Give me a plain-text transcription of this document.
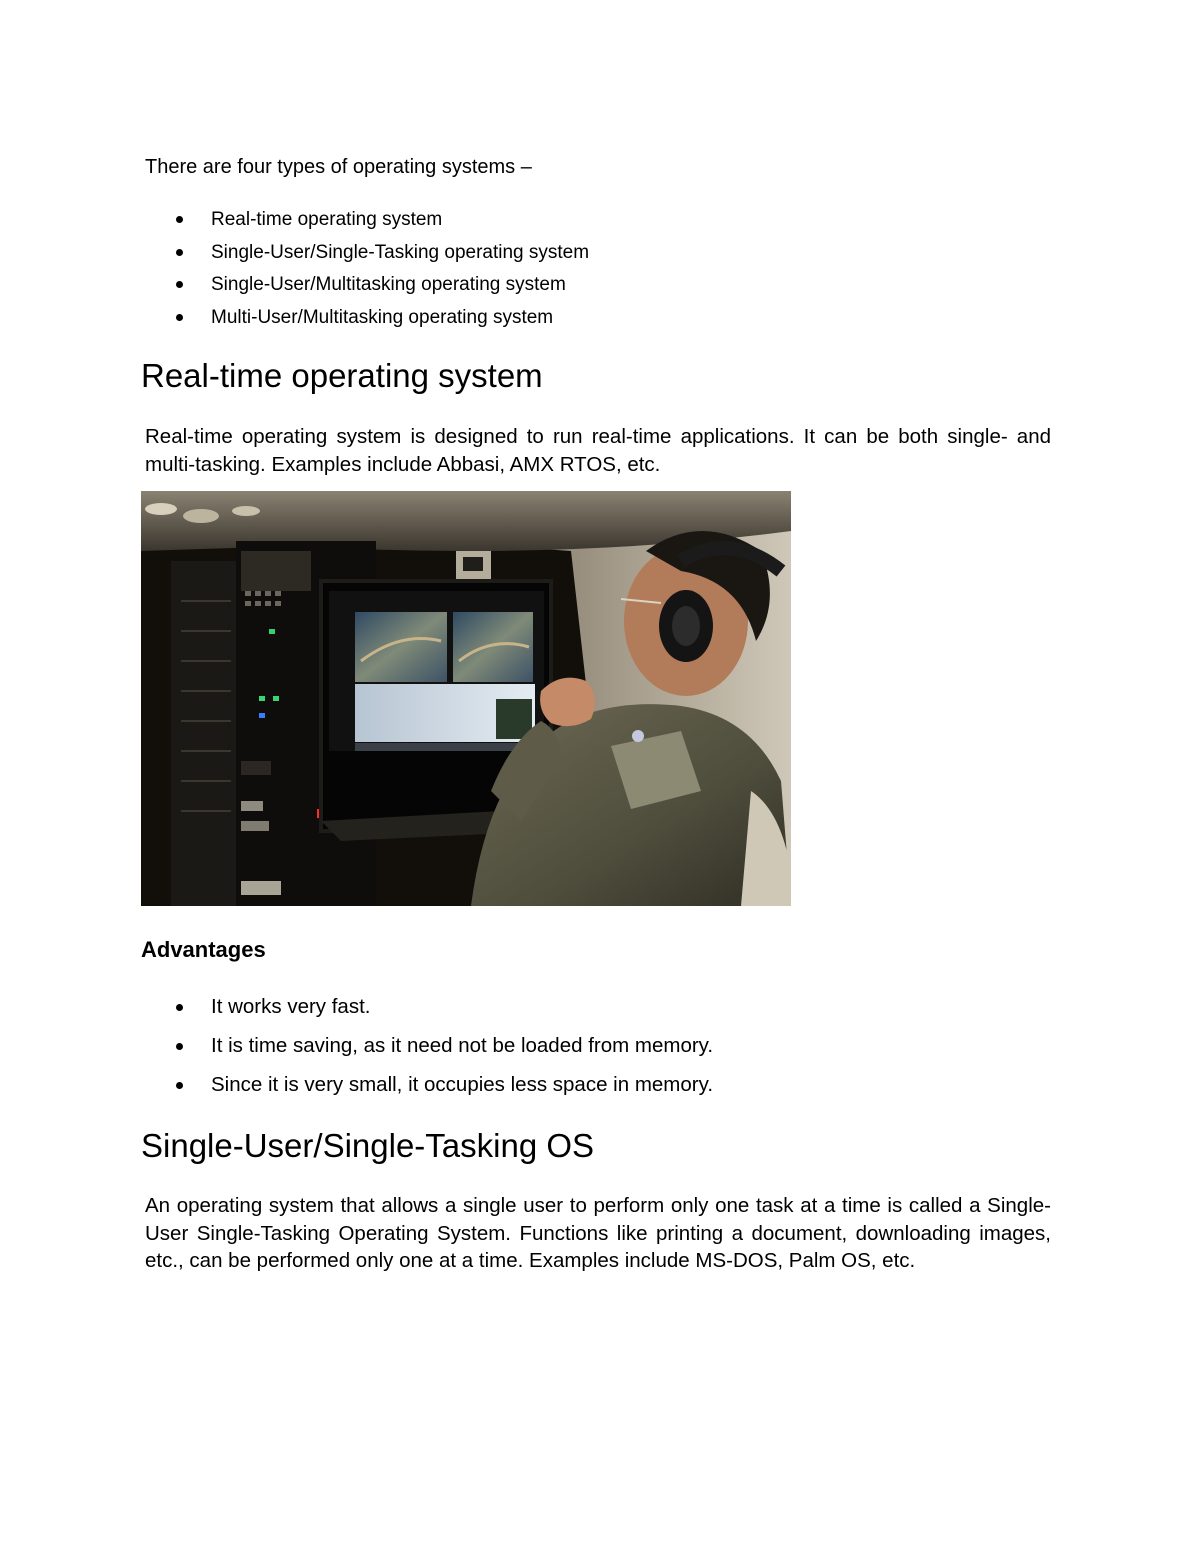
There are four types of operating systems –

Real-time operating system
Single-User/Single-Tasking operating system
Single-User/Multitasking operating system
Multi-User/Multitasking operating system
Real-time operating system

Real-time operating system is designed to run real-time applications. It can be both single- and multi-tasking. Examples include Abbasi, AMX RTOS, etc.

Advantages
It works very fast.
It is time saving, as it need not be loaded from memory.
Since it is very small, it occupies less space in memory.
Single-User/Single-Tasking OS

An operating system that allows a single user to perform only one task at a time is called a Single-User Single-Tasking Operating System. Functions like printing a document, downloading images, etc., can be performed only one at a time. Examples include MS-DOS, Palm OS, etc.
